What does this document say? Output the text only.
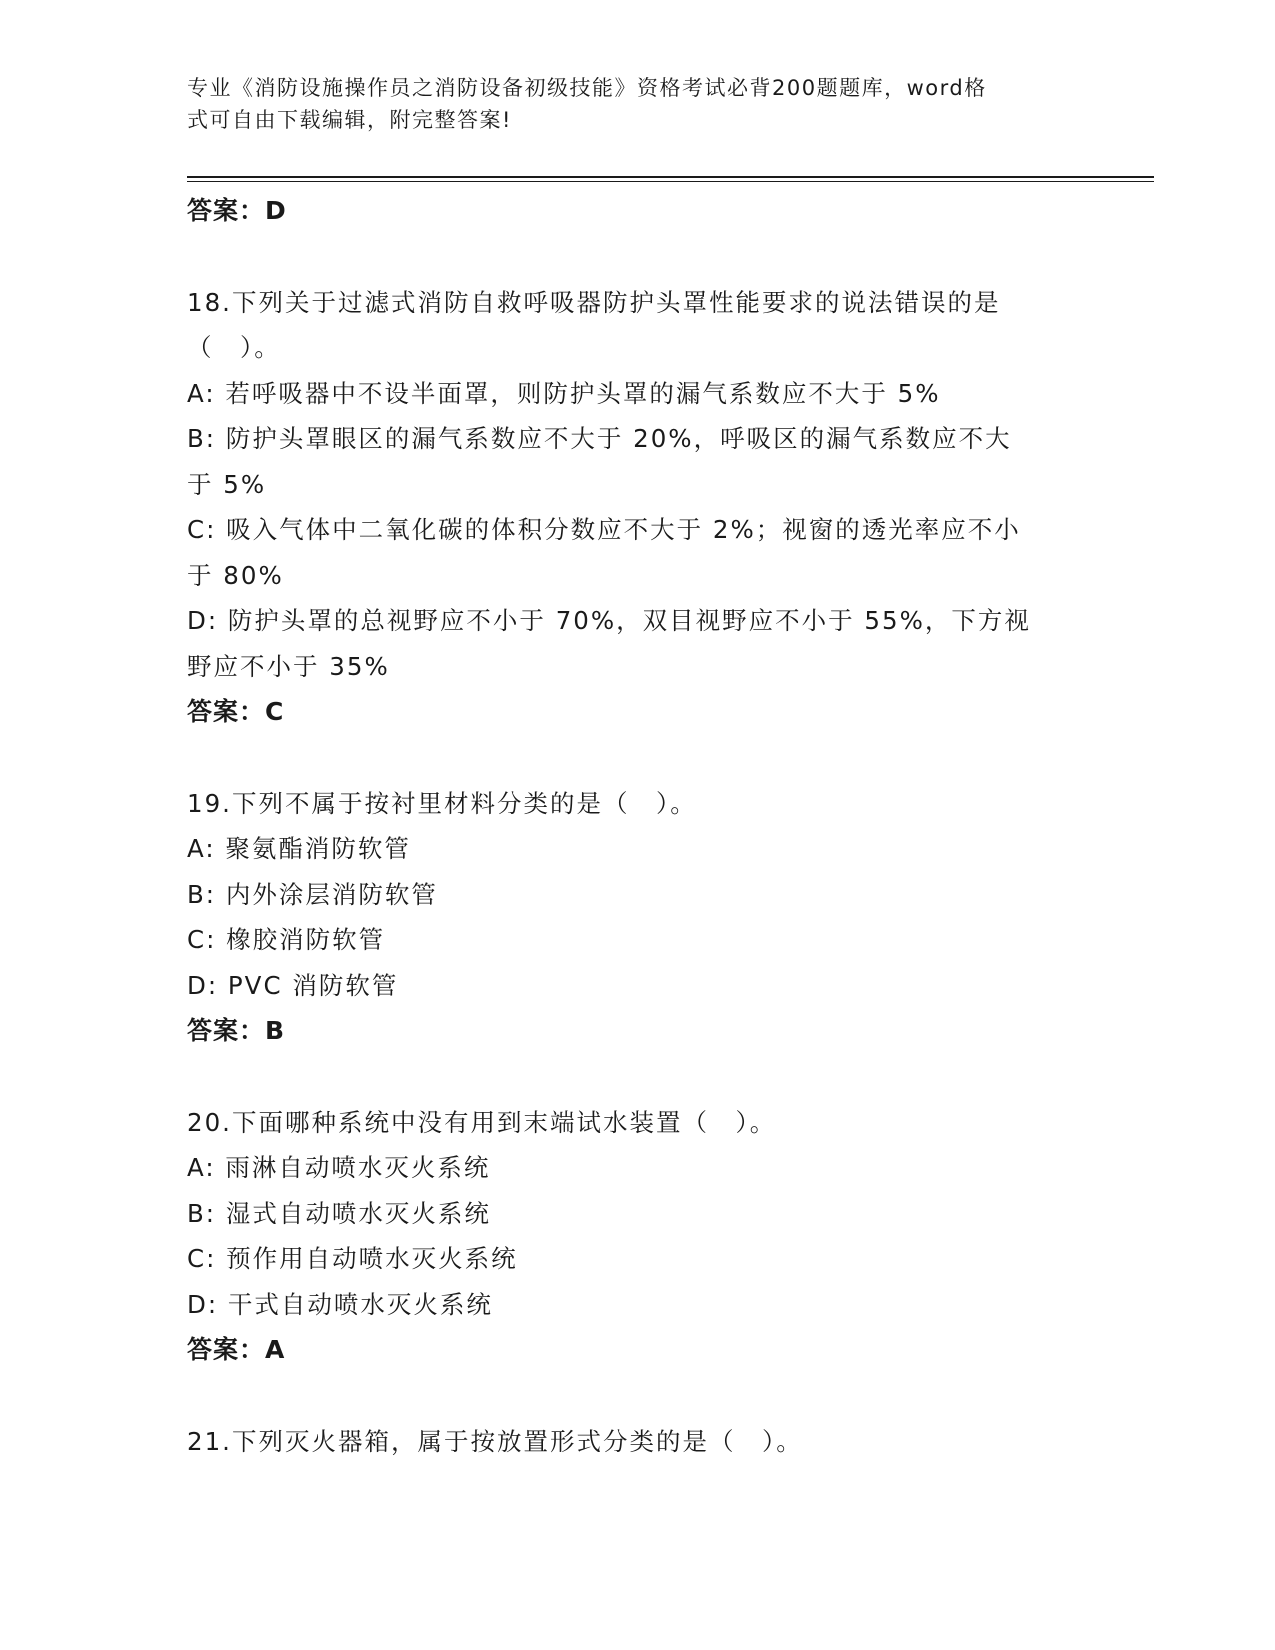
专业《消防设施操作员之消防设备初级技能》资格考试必背200题题库，word格
式可自由下载编辑，附完整答案!
答案：D
18.下列关于过滤式消防自救呼吸器防护头罩性能要求的说法错误的是
（　）。
A: 若呼吸器中不设半面罩，则防护头罩的漏气系数应不大于 5%
B: 防护头罩眼区的漏气系数应不大于 20%，呼吸区的漏气系数应不大
于 5%
C: 吸入气体中二氧化碳的体积分数应不大于 2%；视窗的透光率应不小
于 80%
D: 防护头罩的总视野应不小于 70%，双目视野应不小于 55%，下方视
野应不小于 35%
答案：C
19.下列不属于按衬里材料分类的是（　）。
A: 聚氨酯消防软管
B: 内外涂层消防软管
C: 橡胶消防软管
D: PVC 消防软管
答案：B
20.下面哪种系统中没有用到末端试水装置（　）。
A: 雨淋自动喷水灭火系统
B: 湿式自动喷水灭火系统
C: 预作用自动喷水灭火系统
D: 干式自动喷水灭火系统
答案：A
21.下列灭火器箱，属于按放置形式分类的是（　）。
